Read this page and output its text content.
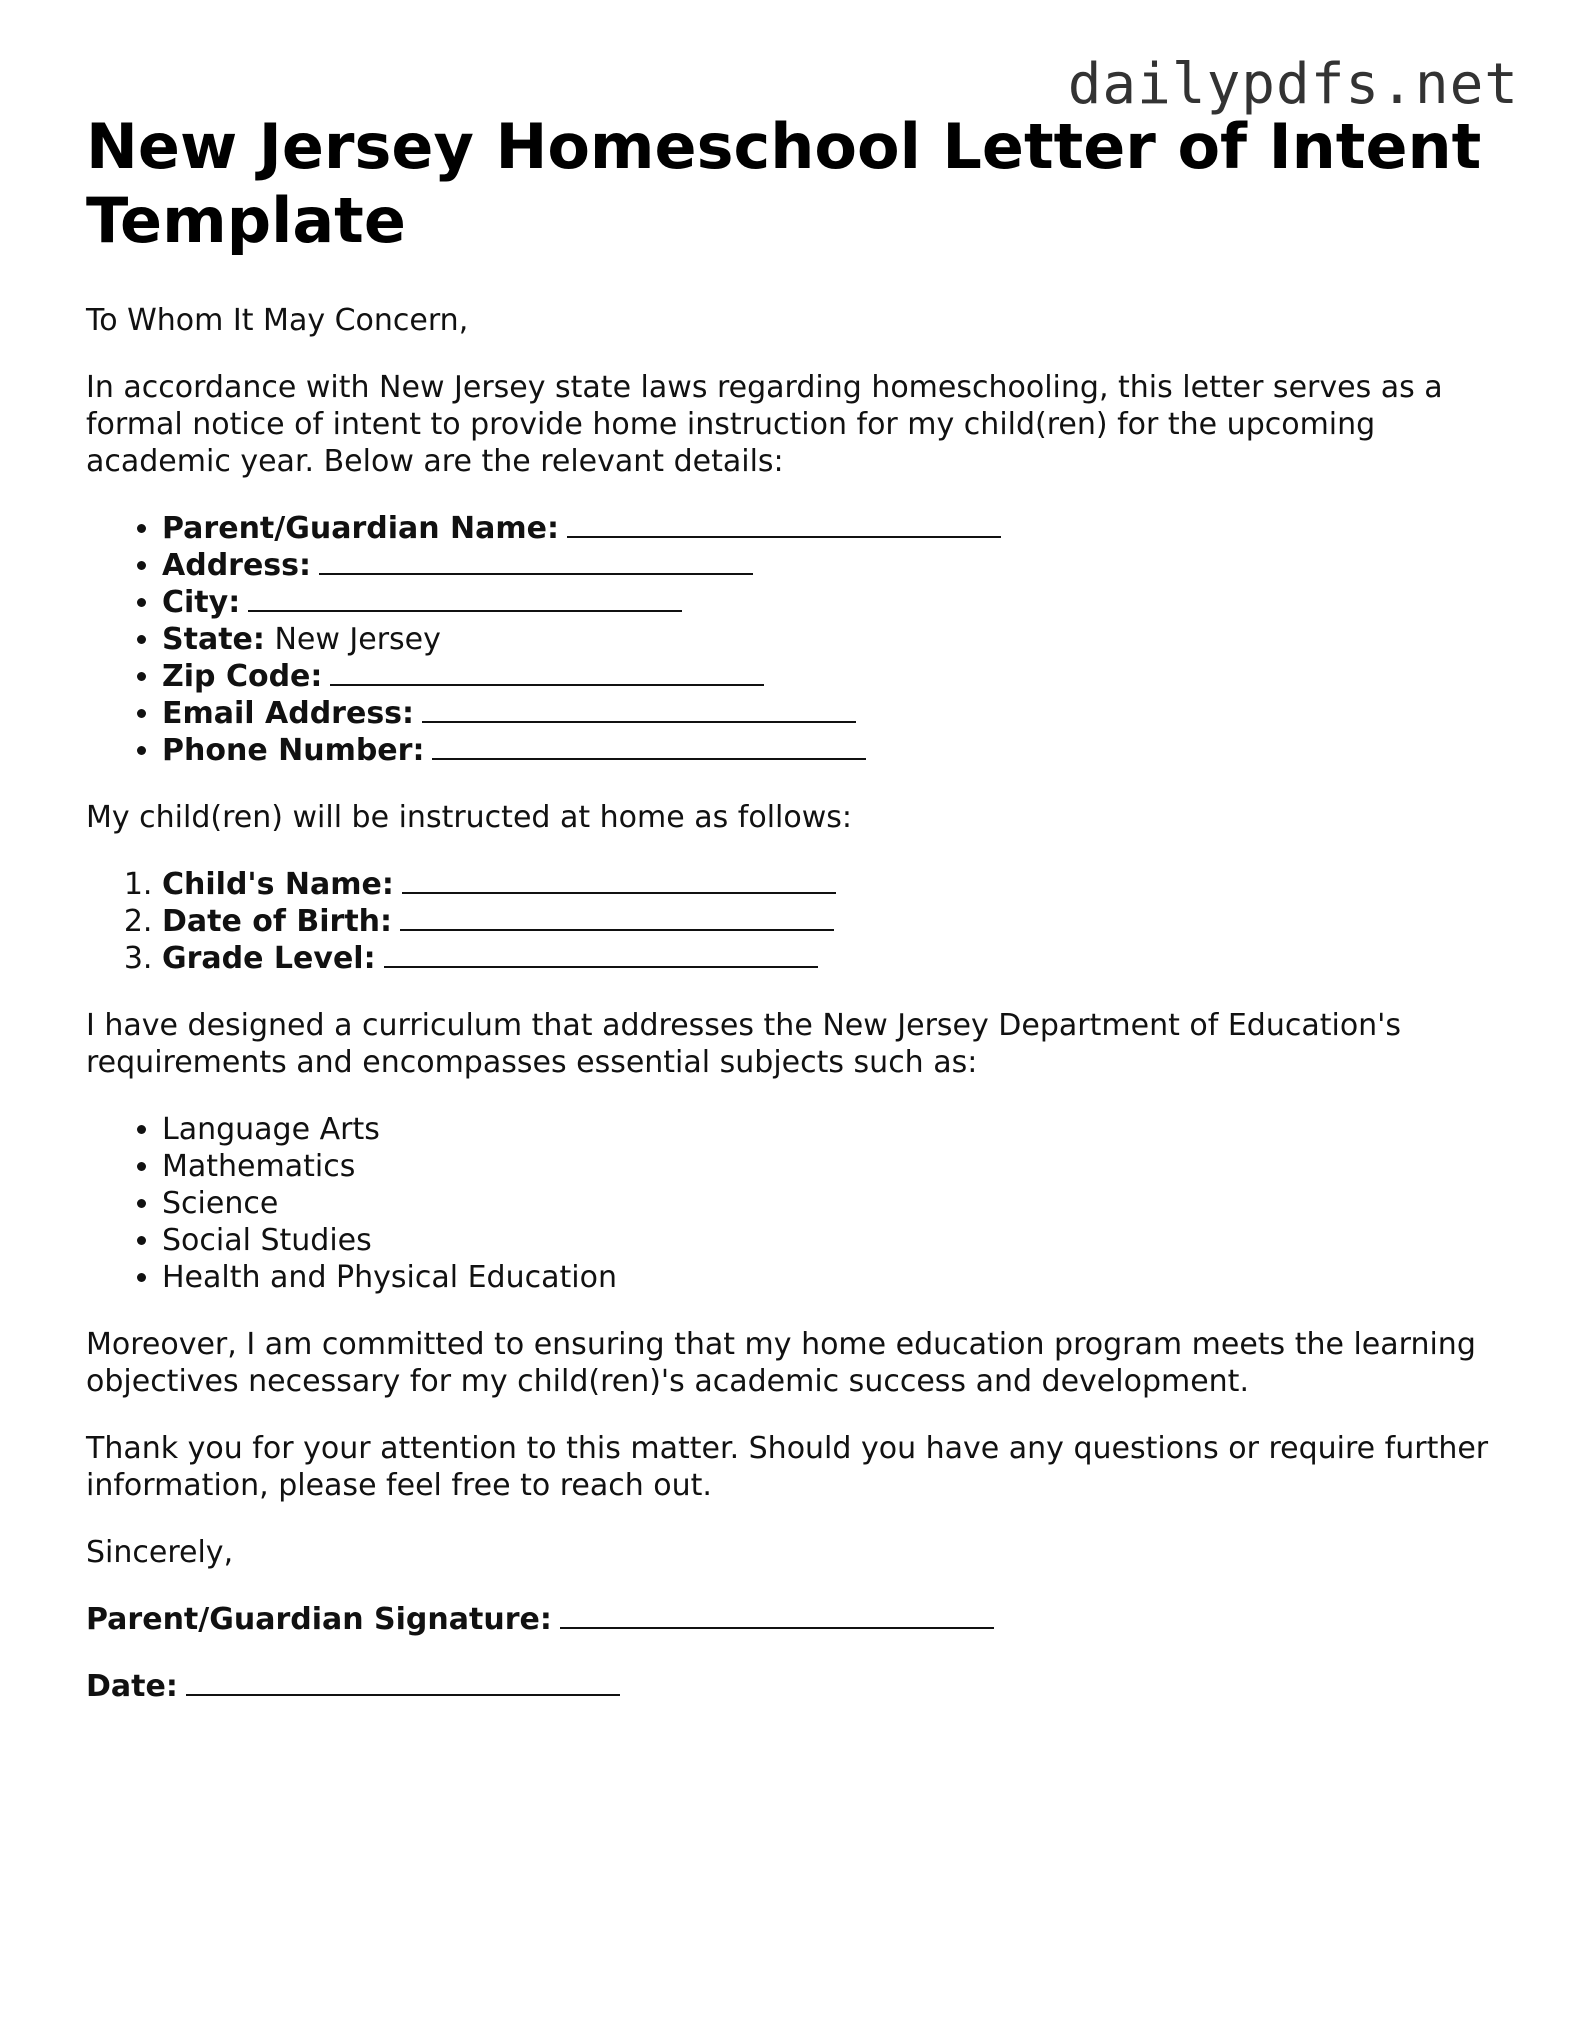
dailypdfs.net
New Jersey Homeschool Letter of Intent Template

To Whom It May Concern,

In accordance with New Jersey state laws regarding homeschooling, this letter serves as a formal notice of intent to provide home instruction for my child(ren) for the upcoming academic year. Below are the relevant details:

• Parent/Guardian Name:
• Address:
• City:
• State: New Jersey
• Zip Code:
• Email Address:
• Phone Number:

My child(ren) will be instructed at home as follows:

1. Child's Name:
2. Date of Birth:
3. Grade Level:

I have designed a curriculum that addresses the New Jersey Department of Education's requirements and encompasses essential subjects such as:

• Language Arts
• Mathematics
• Science
• Social Studies
• Health and Physical Education

Moreover, I am committed to ensuring that my home education program meets the learning objectives necessary for my child(ren)'s academic success and development.

Thank you for your attention to this matter. Should you have any questions or require further information, please feel free to reach out.

Sincerely,

Parent/Guardian Signature:

Date:
